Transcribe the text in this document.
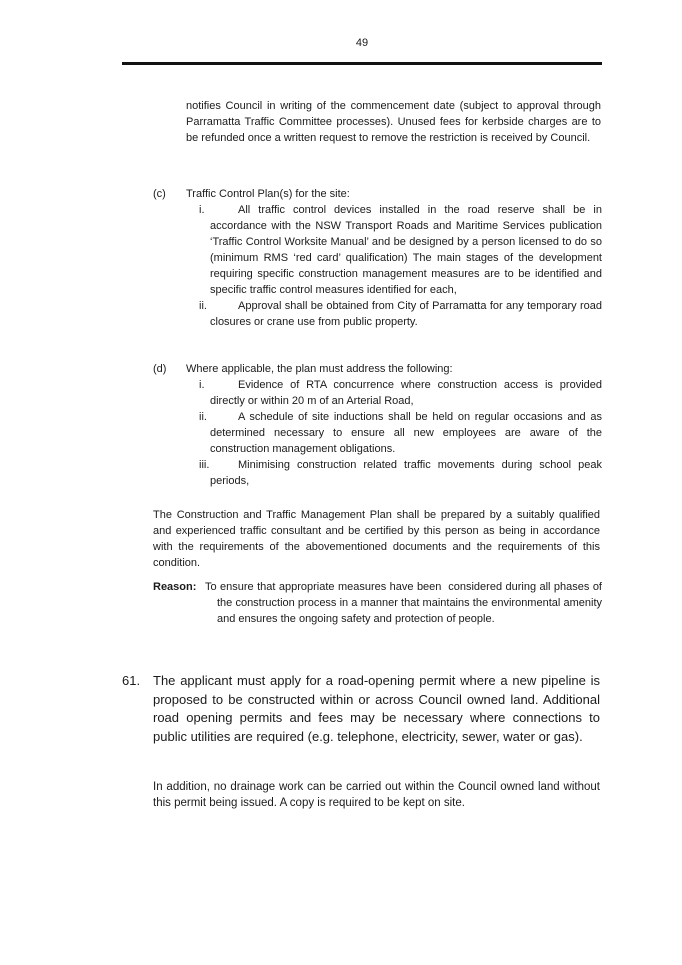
49

notifies Council in writing of the commencement date (subject to approval through Parramatta Traffic Committee processes). Unused fees for kerbside charges are to be refunded once a written request to remove the restriction is received by Council.

(c) Traffic Control Plan(s) for the site:

i.	All traffic control devices installed in the road reserve shall be in accordance with the NSW Transport Roads and Maritime Services publication ‘Traffic Control Worksite Manual’ and be designed by a person licensed to do so (minimum RMS ‘red card’ qualification) The main stages of the development requiring specific construction management measures are to be identified and specific traffic control measures identified for each,
ii.	Approval shall be obtained from City of Parramatta for any temporary road closures or crane use from public property.
(d) Where applicable, the plan must address the following:

i.	Evidence of RTA concurrence where construction access is provided directly or within 20 m of an Arterial Road,
ii.	A schedule of site inductions shall be held on regular occasions and as determined necessary to ensure all new employees are aware of the construction management obligations.
iii.	Minimising construction related traffic movements during school peak periods,

The Construction and Traffic Management Plan shall be prepared by a suitably qualified and experienced traffic consultant and be certified by this person as being in accordance with the requirements of the abovementioned documents and the requirements of this condition.

Reason: To ensure that appropriate measures have been  considered during all phases of the construction process in a manner that maintains the environmental amenity and ensures the ongoing safety and protection of people.
61. The applicant must apply for a road-opening permit where a new pipeline is proposed to be constructed within or across Council owned land. Additional road opening permits and fees may be necessary where connections to public utilities are required (e.g. telephone, electricity, sewer, water or gas).

In addition, no drainage work can be carried out within the Council owned land without this permit being issued. A copy is required to be kept on site.
